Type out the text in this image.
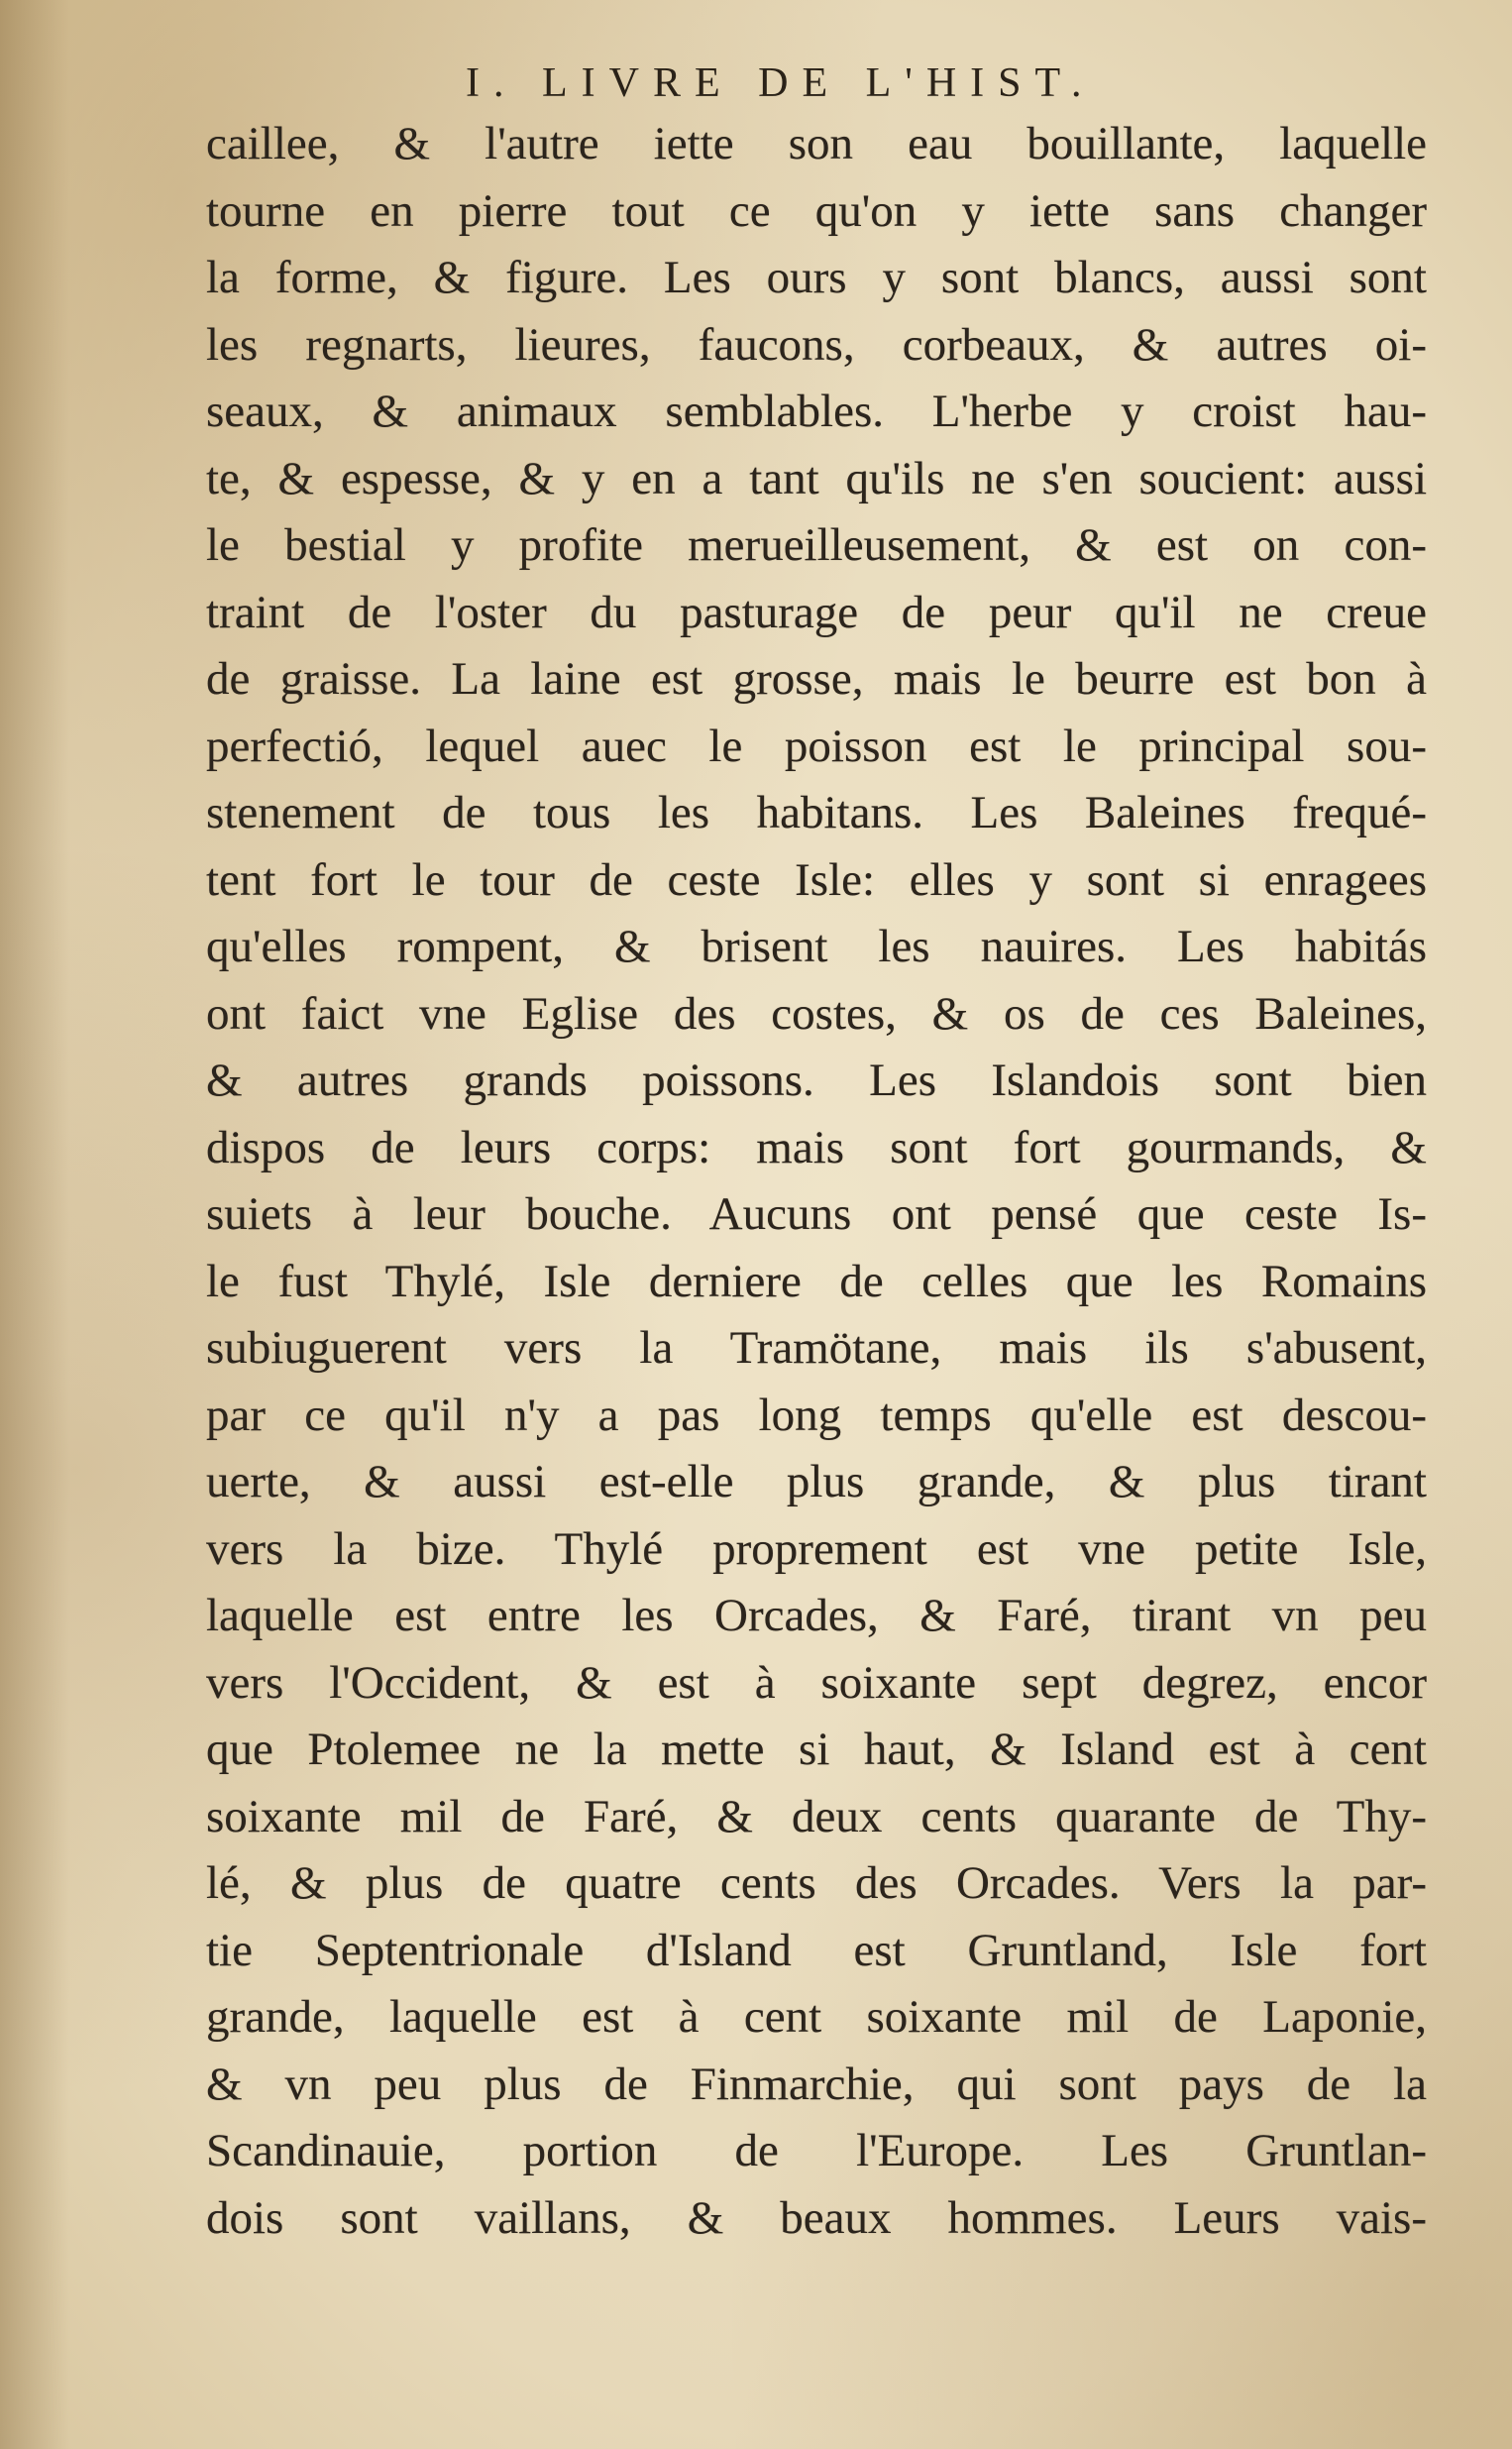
I. LIVRE DE L'HIST.
caillee, & l'autre iette son eau bouillante, laquelle
tourne en pierre tout ce qu'on y iette sans changer
la forme, & figure. Les ours y sont blancs, aussi sont
les regnarts, lieures, faucons, corbeaux, & autres oi-
seaux, & animaux semblables. L'herbe y croist hau-
te, & espesse, & y en a tant qu'ils ne s'en soucient: aussi
le bestial y profite merueilleusement, & est on con-
traint de l'oster du pasturage de peur qu'il ne creue
de graisse. La laine est grosse, mais le beurre est bon à
perfectió, lequel auec le poisson est le principal sou-
stenement de tous les habitans. Les Baleines frequé-
tent fort le tour de ceste Isle: elles y sont si enragees
qu'elles rompent, & brisent les nauires. Les habitás
ont faict vne Eglise des costes, & os de ces Baleines,
& autres grands poissons. Les Islandois sont bien
dispos de leurs corps: mais sont fort gourmands, &
suiets à leur bouche. Aucuns ont pensé que ceste Is-
le fust Thylé, Isle derniere de celles que les Romains
subiuguerent vers la Tramötane, mais ils s'abusent,
par ce qu'il n'y a pas long temps qu'elle est descou-
uerte, & aussi est-elle plus grande, & plus tirant
vers la bize. Thylé proprement est vne petite Isle,
laquelle est entre les Orcades, & Faré, tirant vn peu
vers l'Occident, & est à soixante sept degrez, encor
que Ptolemee ne la mette si haut, & Island est à cent
soixante mil de Faré, & deux cents quarante de Thy-
lé, & plus de quatre cents des Orcades. Vers la par-
tie Septentrionale d'Island est Gruntland, Isle fort
grande, laquelle est à cent soixante mil de Laponie,
& vn peu plus de Finmarchie, qui sont pays de la
Scandinauie, portion de l'Europe. Les Gruntlan-
dois sont vaillans, & beaux hommes. Leurs vais-
